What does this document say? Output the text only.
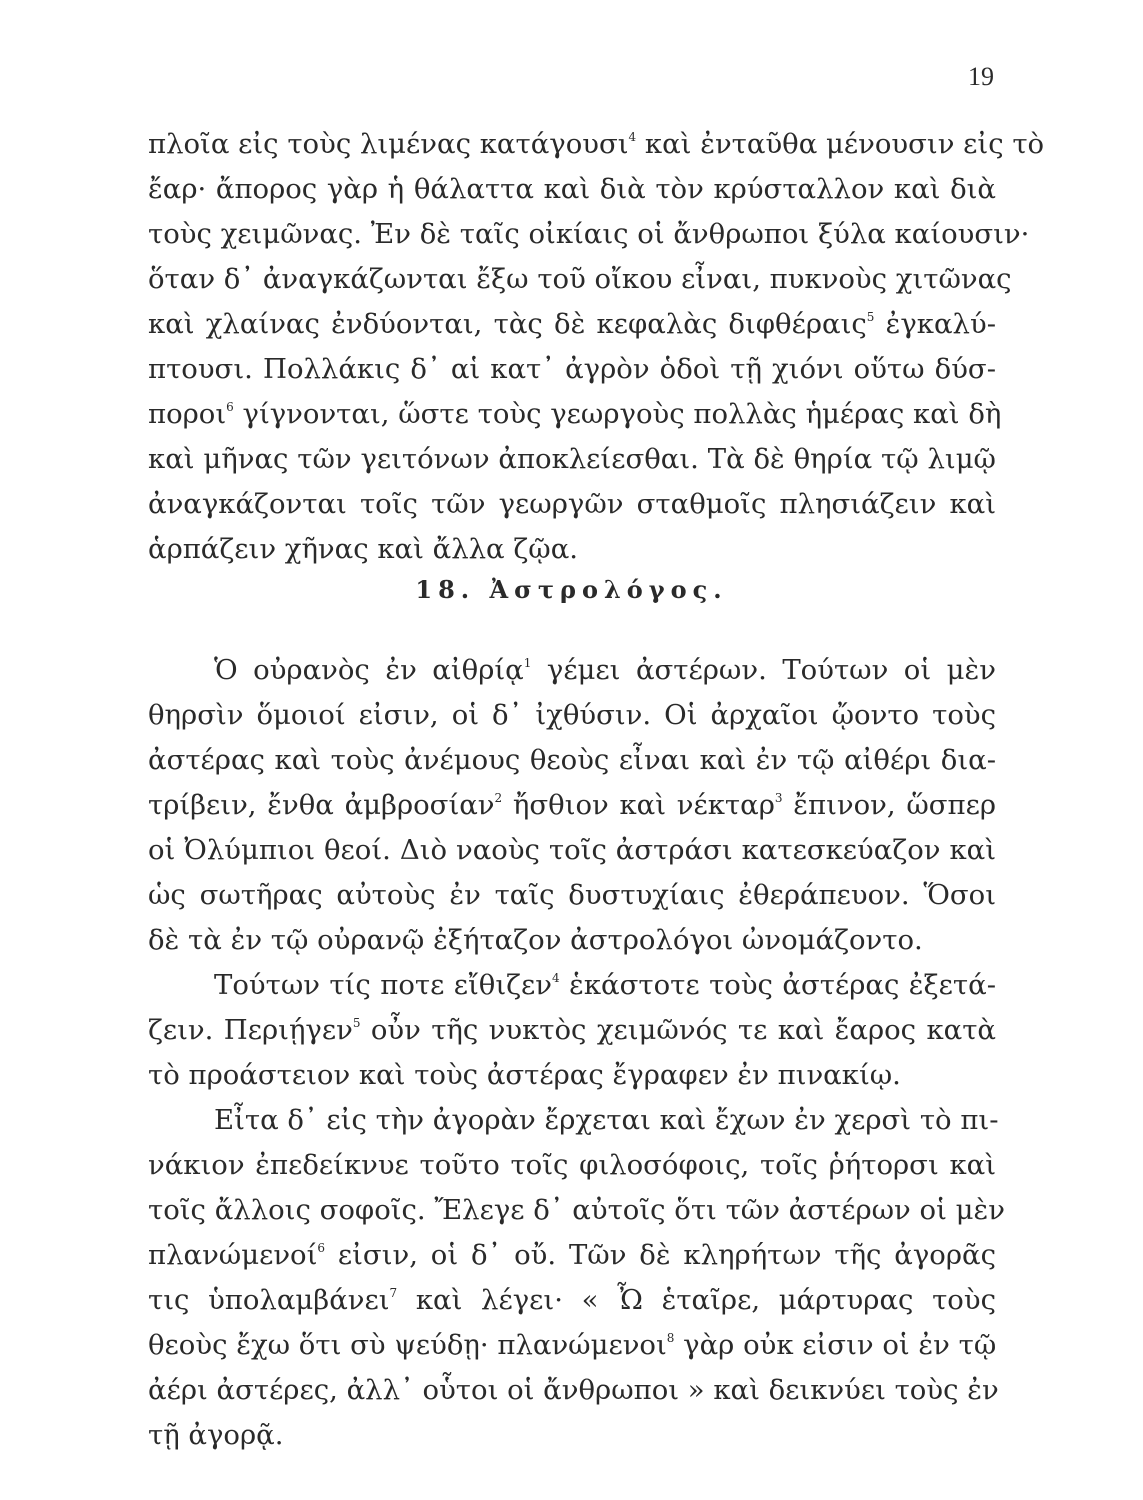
19
πλοῖα εἰς τοὺς λιμένας κατάγουσι$^4$ καὶ ἐνταῦθα μένουσιν εἰς τὸ
ἔαρ· ἄπορος γὰρ ἡ θάλαττα καὶ διὰ τὸν κρύσταλλον καὶ διὰ
τοὺς χειμῶνας. Ἐν δὲ ταῖς οἰκίαις οἱ ἄνθρωποι ξύλα καίουσιν·
ὅταν δ᾽ ἀναγκάζωνται ἔξω τοῦ οἴκου εἶναι, πυκνοὺς χιτῶνας
καὶ χλαίνας ἐνδύονται, τὰς δὲ κεφαλὰς διφθέραις$^5$ ἐγκαλύ-
πτουσι. Πολλάκις δ᾽ αἱ κατ᾽ ἀγρὸν ὁδοὶ τῇ χιόνι οὕτω δύσ-
ποροι$^6$ γίγνονται, ὥστε τοὺς γεωργοὺς πολλὰς ἡμέρας καὶ δὴ
καὶ μῆνας τῶν γειτόνων ἀποκλείεσθαι. Τὰ δὲ θηρία τῷ λιμῷ
ἀναγκάζονται τοῖς τῶν γεωργῶν σταθμοῖς πλησιάζειν καὶ
ἁρπάζειν χῆνας καὶ ἄλλα ζῷα.
18. Ἀστρολόγος.
Ὁ οὐρανὸς ἐν αἰθρίᾳ$^1$ γέμει ἀστέρων. Τούτων οἱ μὲν
θηρσὶν ὅμοιοί εἰσιν, οἱ δ᾽ ἰχθύσιν. Οἱ ἀρχαῖοι ᾤοντο τοὺς
ἀστέρας καὶ τοὺς ἀνέμους θεοὺς εἶναι καὶ ἐν τῷ αἰθέρι δια-
τρίβειν, ἔνθα ἀμβροσίαν$^2$ ἤσθιον καὶ νέκταρ$^3$ ἔπινον, ὥσπερ
οἱ Ὀλύμπιοι θεοί. Διὸ ναοὺς τοῖς ἀστράσι κατεσκεύαζον καὶ
ὡς σωτῆρας αὐτοὺς ἐν ταῖς δυστυχίαις ἐθεράπευον. Ὅσοι
δὲ τὰ ἐν τῷ οὐρανῷ ἐξήταζον ἀστρολόγοι ὠνομάζοντο.
Τούτων τίς ποτε εἴθιζεν$^4$ ἑκάστοτε τοὺς ἀστέρας ἐξετά-
ζειν. Περιῄγεν$^5$ οὖν τῆς νυκτὸς χειμῶνός τε καὶ ἔαρος κατὰ
τὸ προάστειον καὶ τοὺς ἀστέρας ἔγραφεν ἐν πινακίῳ.
Εἶτα δ᾽ εἰς τὴν ἀγορὰν ἔρχεται καὶ ἔχων ἐν χερσὶ τὸ πι-
νάκιον ἐπεδείκνυε τοῦτο τοῖς φιλοσόφοις, τοῖς ῥήτορσι καὶ
τοῖς ἄλλοις σοφοῖς. Ἔλεγε δ᾽ αὐτοῖς ὅτι τῶν ἀστέρων οἱ μὲν
πλανώμενοί$^6$ εἰσιν, οἱ δ᾽ οὔ. Τῶν δὲ κληρήτων τῆς ἀγορᾶς
τις ὑπολαμβάνει$^7$ καὶ λέγει· « Ὦ ἑταῖρε, μάρτυρας τοὺς
θεοὺς ἔχω ὅτι σὺ ψεύδῃ· πλανώμενοι$^8$ γὰρ οὐκ εἰσιν οἱ ἐν τῷ
ἀέρι ἀστέρες, ἀλλ᾽ οὗτοι οἱ ἄνθρωποι » καὶ δεικνύει τοὺς ἐν
τῇ ἀγορᾷ.
